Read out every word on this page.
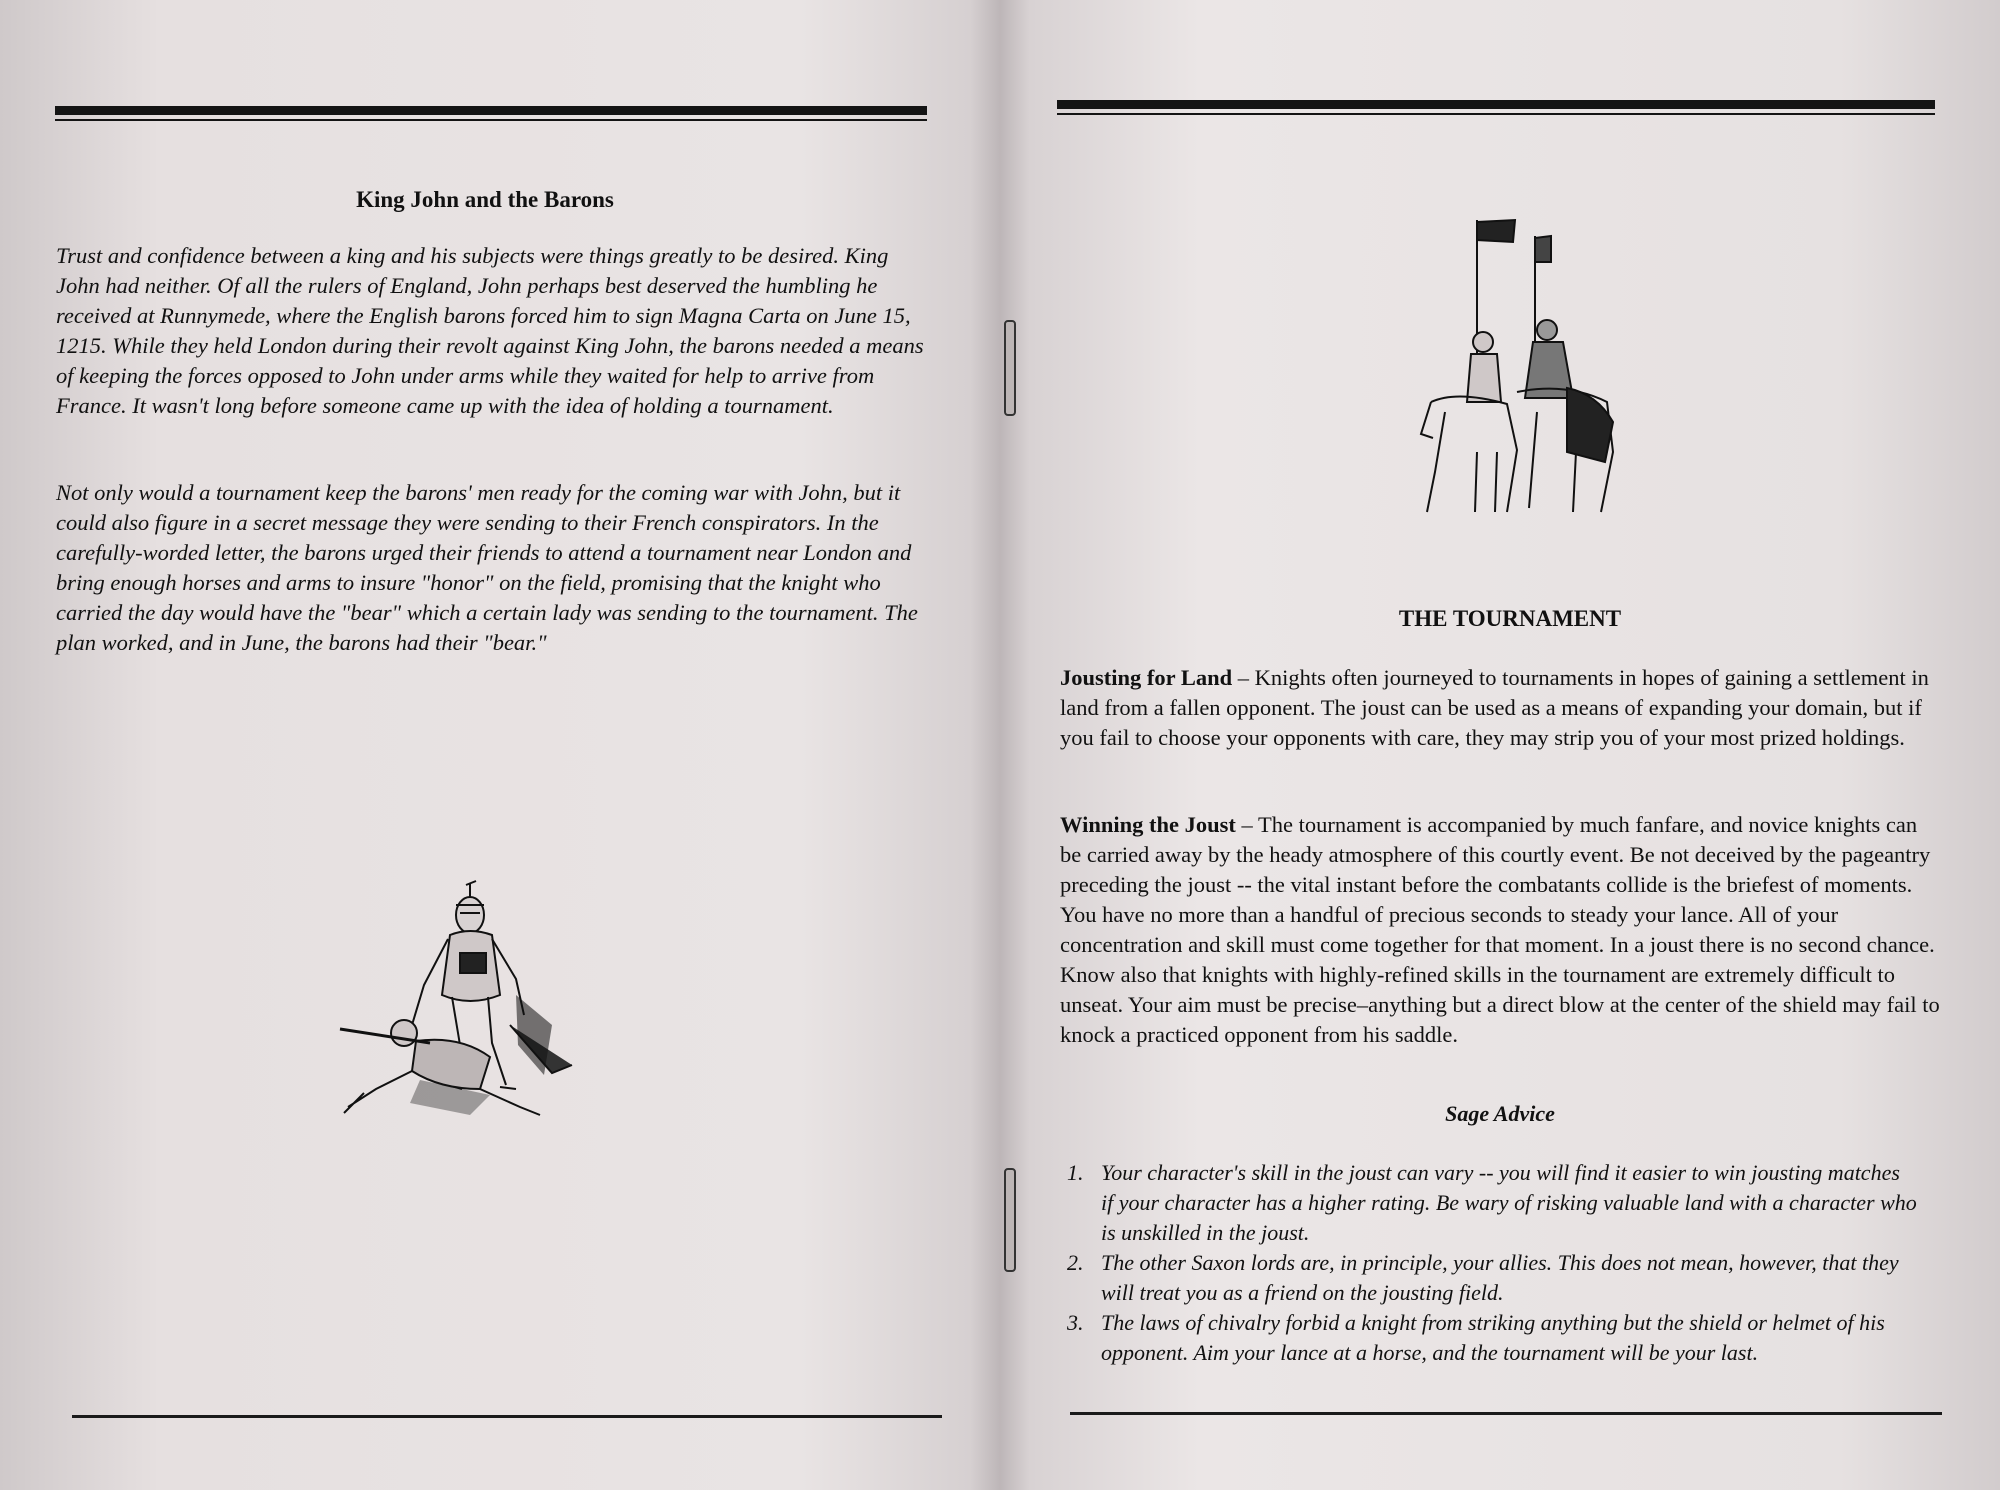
King John and the Barons

Trust and confidence between a king and his subjects were things greatly to be desired. King John had neither. Of all the rulers of England, John perhaps best deserved the humbling he received at Runnymede, where the English barons forced him to sign Magna Carta on June 15, 1215. While they held London during their revolt against King John, the barons needed a means of keeping the forces opposed to John under arms while they waited for help to arrive from France. It wasn't long before someone came up with the idea of holding a tournament.

Not only would a tournament keep the barons' men ready for the coming war with John, but it could also figure in a secret message they were sending to their French conspirators. In the carefully-worded letter, the barons urged their friends to attend a tournament near London and bring enough horses and arms to insure "honor" on the field, promising that the knight who carried the day would have the "bear" which a certain lady was sending to the tournament. The plan worked, and in June, the barons had their "bear."

THE TOURNAMENT

Jousting for Land – Knights often journeyed to tournaments in hopes of gaining a settlement in land from a fallen opponent. The joust can be used as a means of expanding your domain, but if you fail to choose your opponents with care, they may strip you of your most prized holdings.

Winning the Joust – The tournament is accompanied by much fanfare, and novice knights can be carried away by the heady atmosphere of this courtly event. Be not deceived by the pageantry preceding the joust -- the vital instant before the combatants collide is the briefest of moments. You have no more than a handful of precious seconds to steady your lance. All of your concentration and skill must come together for that moment. In a joust there is no second chance.
Know also that knights with highly-refined skills in the tournament are extremely difficult to unseat. Your aim must be precise–anything but a direct blow at the center of the shield may fail to knock a practiced opponent from his saddle.

Sage Advice
1. Your character's skill in the joust can vary -- you will find it easier to win jousting matches if your character has a higher rating. Be wary of risking valuable land with a character who is unskilled in the joust.
2. The other Saxon lords are, in principle, your allies. This does not mean, however, that they will treat you as a friend on the jousting field.
3. The laws of chivalry forbid a knight from striking anything but the shield or helmet of his opponent. Aim your lance at a horse, and the tournament will be your last.
